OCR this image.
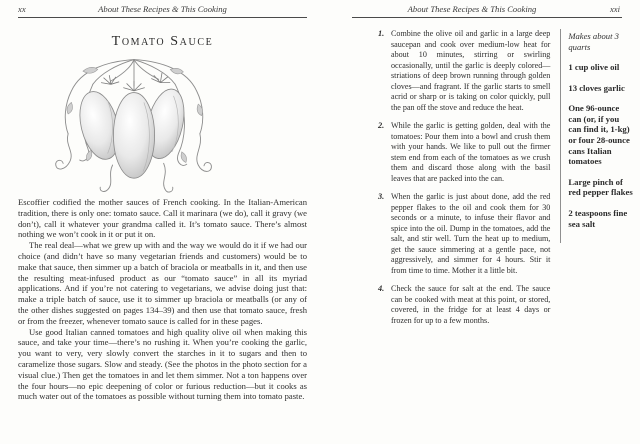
xx	About These Recipes & This Cooking
Tomato Sauce

Escoffier codified the mother sauces of French cooking. In the Italian-American tradition, there is only one: tomato sauce. Call it marinara (we do), call it gravy (we don’t), call it whatever your grandma called it. It’s tomato sauce. There’s almost nothing we won’t cook in it or put it on.

The real deal—what we grew up with and the way we would do it if we had our choice (and didn’t have so many vegetarian friends and customers) would be to make that sauce, then simmer up a batch of braciola or meatballs in it, and then use the resulting meat-infused product as our “tomato sauce” in all its myriad applications. And if you’re not catering to vegetarians, we advise doing just that: make a triple batch of sauce, use it to simmer up braciola or meatballs (or any of the other dishes suggested on pages 134–39) and then use that tomato sauce, fresh or from the freezer, whenever tomato sauce is called for in these pages.

Use good Italian canned tomatoes and high quality olive oil when making this sauce, and take your time—there’s no rushing it. When you’re cooking the garlic, you want to very, very slowly convert the starches in it to sugars and then to caramelize those sugars. Slow and steady. (See the photos in the photo section for a visual clue.) Then get the tomatoes in and let them simmer. Not a ton happens over the four hours—no epic deepening of color or furious reduction—but it cooks as much water out of the tomatoes as possible without turning them into tomato paste.

About These Recipes & This Cooking	xxi
1. Combine the olive oil and garlic in a large deep saucepan and cook over medium-low heat for about 10 minutes, stirring or swirling occasionally, until the garlic is deeply colored—striations of deep brown running through golden cloves—and fragrant. If the garlic starts to smell acrid or sharp or is taking on color quickly, pull the pan off the stove and reduce the heat.
2. While the garlic is getting golden, deal with the tomatoes: Pour them into a bowl and crush them with your hands. We like to pull out the firmer stem end from each of the tomatoes as we crush them and discard those along with the basil leaves that are packed into the can.
3. When the garlic is just about done, add the red pepper flakes to the oil and cook them for 30 seconds or a minute, to infuse their flavor and spice into the oil. Dump in the tomatoes, add the salt, and stir well. Turn the heat up to medium, get the sauce simmering at a gentle pace, not aggressively, and simmer for 4 hours. Stir it from time to time. Mother it a little bit.
4. Check the sauce for salt at the end. The sauce can be cooked with meat at this point, or stored, covered, in the fridge for at least 4 days or frozen for up to a few months.
Makes about 3 quarts
1 cup olive oil
13 cloves garlic
One 96-ounce can (or, if you can find it, 1-kg) or four 28-ounce cans Italian tomatoes
Large pinch of red pepper flakes
2 teaspoons fine sea salt
